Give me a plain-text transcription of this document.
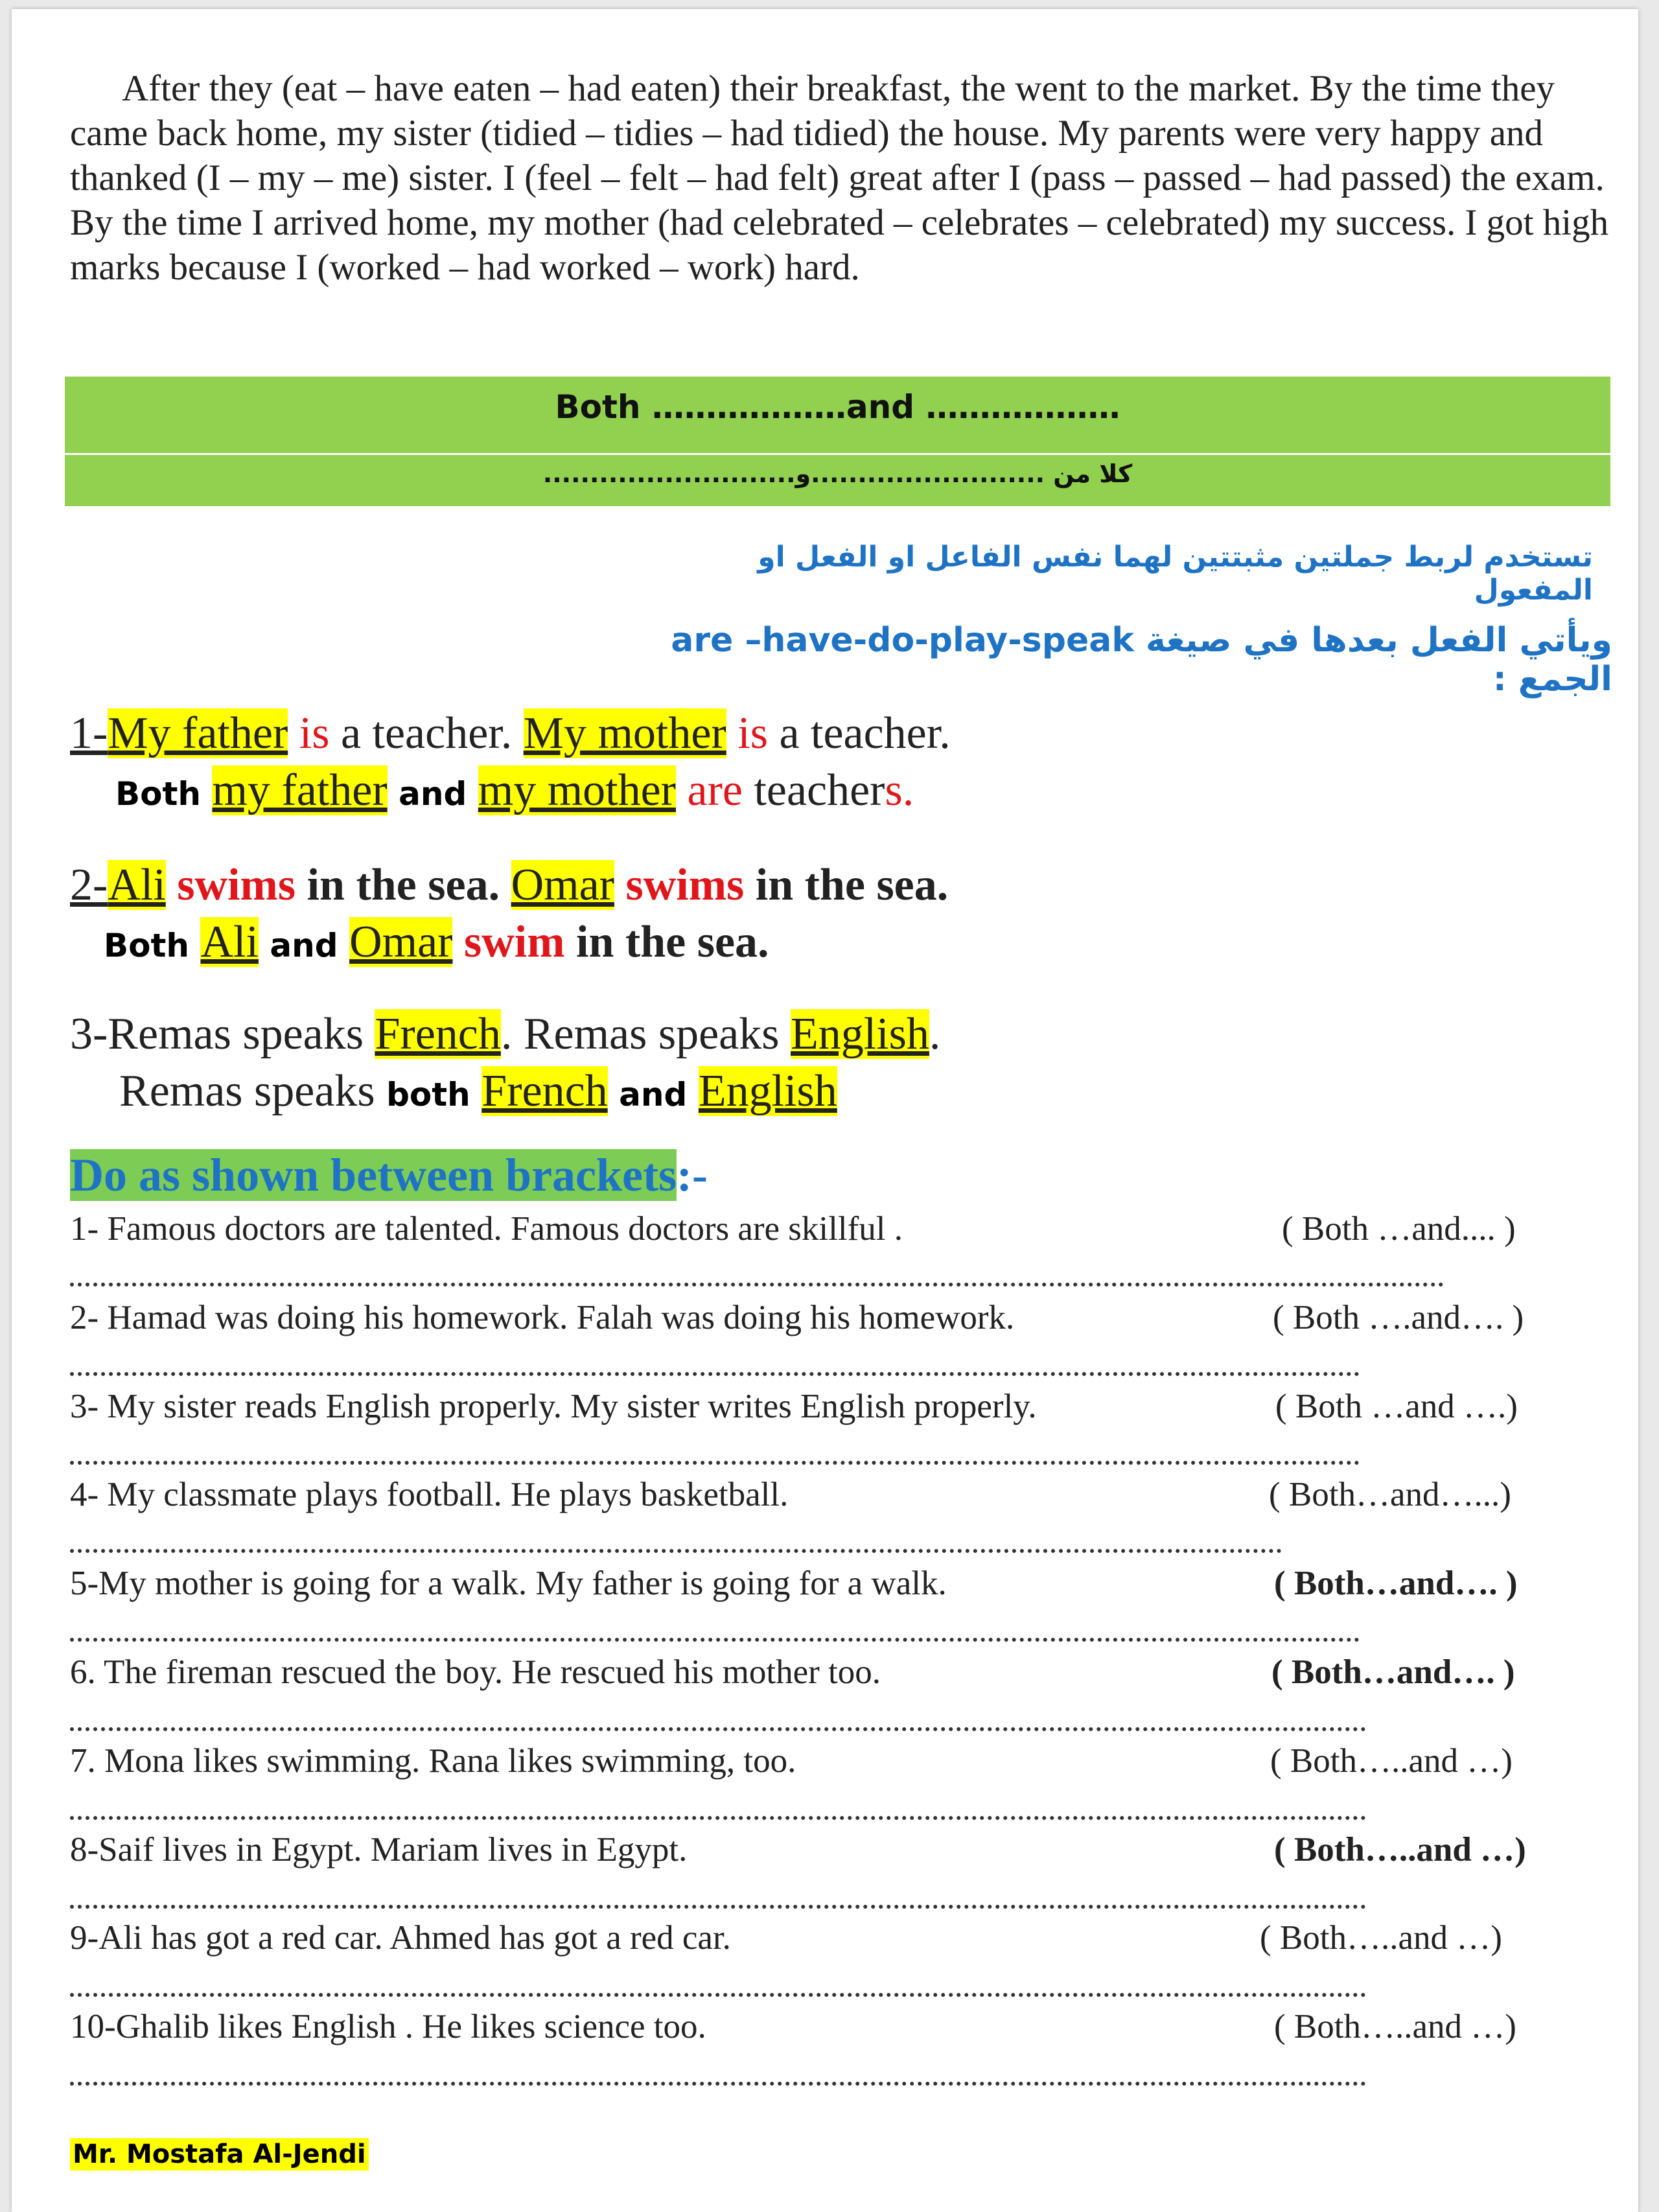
After they (eat – have eaten – had eaten) their breakfast, the went to the market. By the time they came back home, my sister (tidied – tidies – had tidied) the house. My parents were very happy and thanked (I – my – me) sister. I (feel – felt – had felt) great after I (pass – passed – had passed) the exam. By the time I arrived home, my mother (had celebrated – celebrates – celebrated) my success. I got high marks because I (worked – had worked – work) hard.
Both ………………and ………………
كلا من .........................و...........................
تستخدم لربط جملتين مثبتتين لهما نفس الفاعل او الفعل او المفعول
are –have-do-play-speak ويأتي الفعل بعدها في صيغة الجمع :
1-My father is a teacher. My mother is a teacher.
Both my father and my mother are teachers.
2-Ali swims in the sea. Omar swims in the sea.
Both Ali and Omar swim in the sea.
3-Remas speaks French. Remas speaks English.
Remas speaks both French and English
Do as shown between brackets:-
1- Famous doctors are talented. Famous doctors are skillful .	( Both …and.... )
2- Hamad was doing his homework. Falah was doing his homework.	( Both ….and…. )
3- My sister reads English properly. My sister writes English properly.	( Both …and ….)
4- My classmate plays football. He plays basketball.	( Both…and…...)
5-My mother is going for a walk. My father is going for a walk.	( Both…and…. )
6. The fireman rescued the boy. He rescued his mother too.	( Both…and…. )
7. Mona likes swimming. Rana likes swimming, too.	( Both…..and …)
8-Saif lives in Egypt. Mariam lives in Egypt.	( Both…..and …)
9-Ali has got a red car. Ahmed has got a red car.	( Both…..and …)
10-Ghalib likes English . He likes science too.	( Both…..and …)
Mr. Mostafa Al-Jendi
